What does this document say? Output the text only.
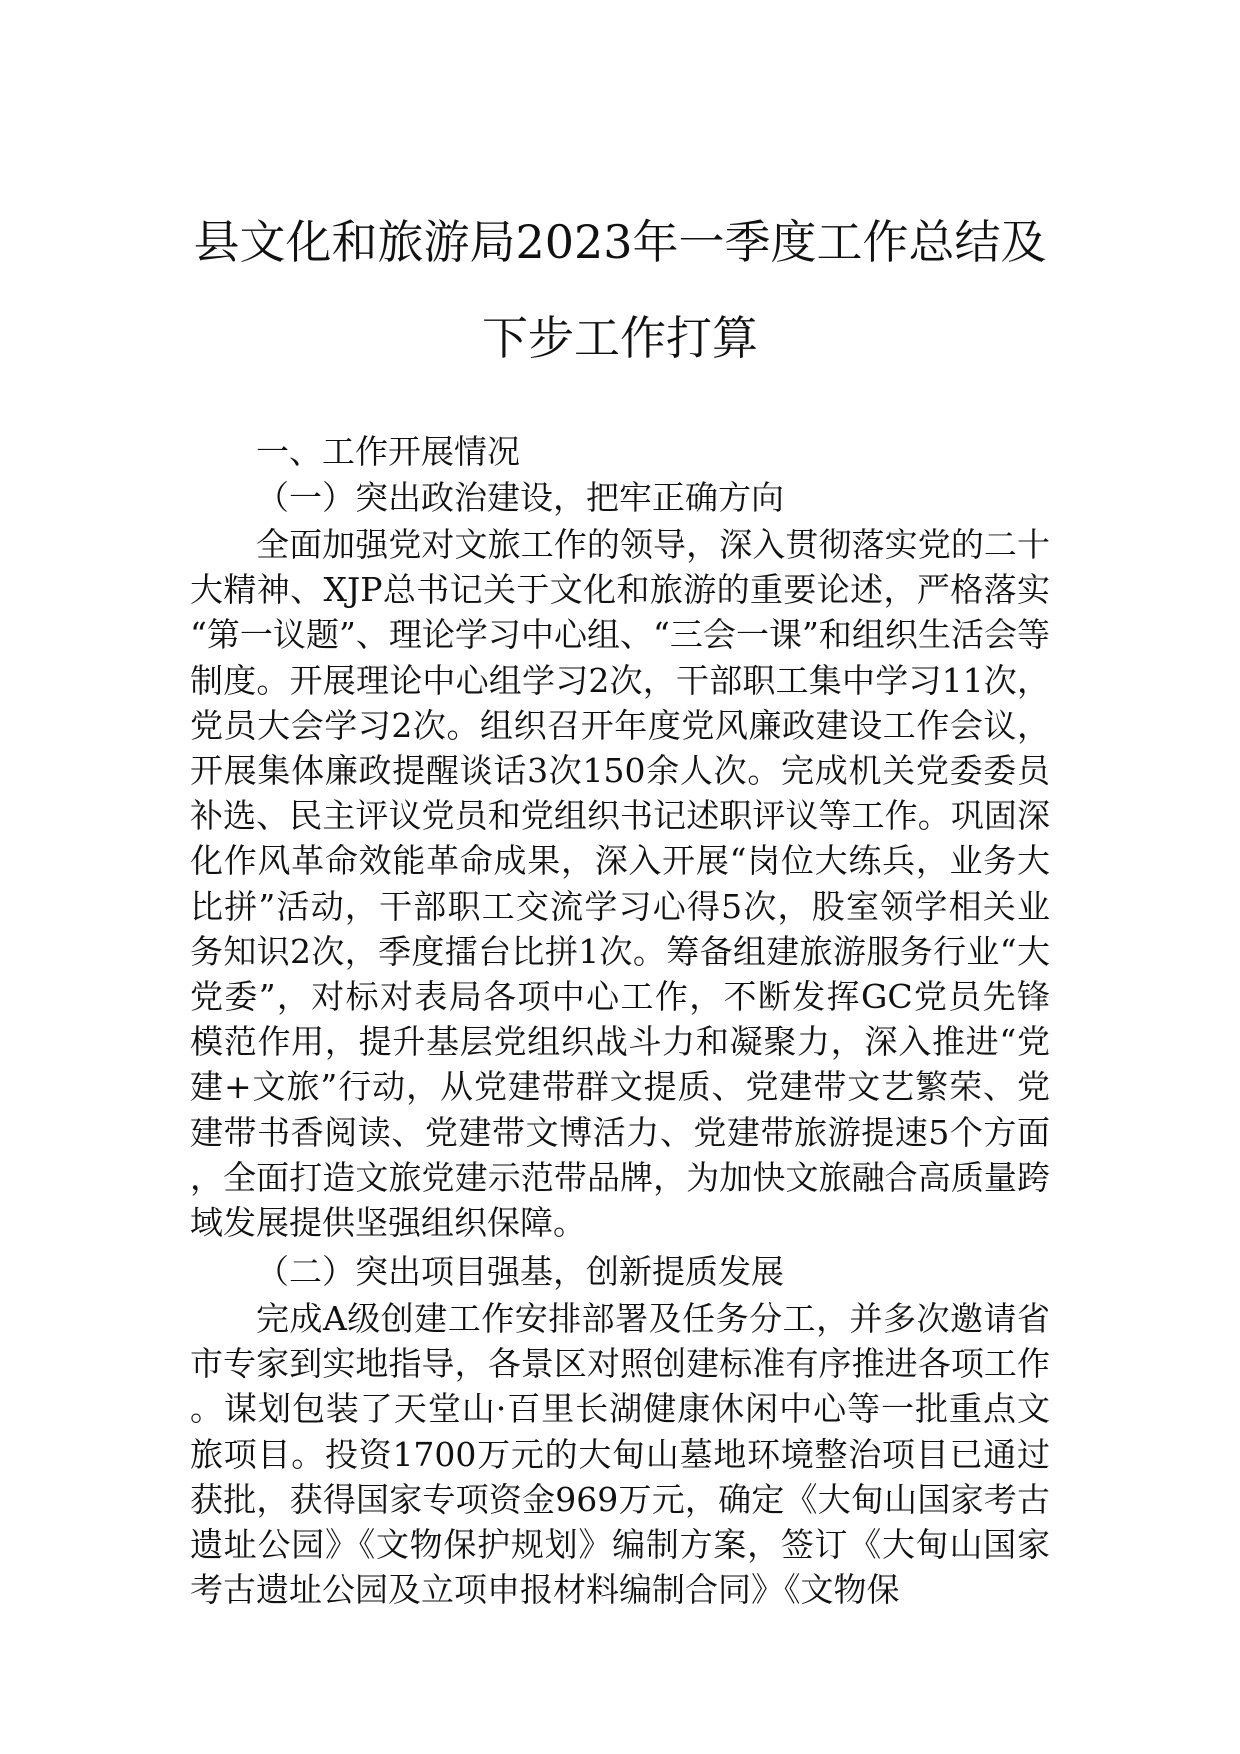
县文化和旅游局2023年一季度工作总结及
下步工作打算
一、工作开展情况
（一）突出政治建设，把牢正确方向

全面加强党对文旅工作的领导，深入贯彻落实党的二十大精神、XJP总书记关于文化和旅游的重要论述，严格落实“第一议题”、理论学习中心组、“三会一课”和组织生活会等制度。开展理论中心组学习2次，干部职工集中学习11次，党员大会学习2次。组织召开年度党风廉政建设工作会议，开展集体廉政提醒谈话3次150余人次。完成机关党委委员补选、民主评议党员和党组织书记述职评议等工作。巩固深化作风革命效能革命成果，深入开展“岗位大练兵，业务大比拼”活动，干部职工交流学习心得5次，股室领学相关业务知识2次，季度擂台比拼1次。筹备组建旅游服务行业“大党委”，对标对表局各项中心工作，不断发挥GC党员先锋模范作用，提升基层党组织战斗力和凝聚力，深入推进“党建+文旅”行动，从党建带群文提质、党建带文艺繁荣、党建带书香阅读、党建带文博活力、党建带旅游提速5个方面，全面打造文旅党建示范带品牌，为加快文旅融合高质量跨域发展提供坚强组织保障。

（二）突出项目强基，创新提质发展

完成A级创建工作安排部署及任务分工，并多次邀请省市专家到实地指导，各景区对照创建标准有序推进各项工作。谋划包装了天堂山·百里长湖健康休闲中心等一批重点文旅项目。投资1700万元的大甸山墓地环境整治项目已通过获批，获得国家专项资金969万元，确定《大甸山国家考古遗址公园》《文物保护规划》编制方案，签订《大甸山国家考古遗址公园及立项申报材料编制合同》《文物保
